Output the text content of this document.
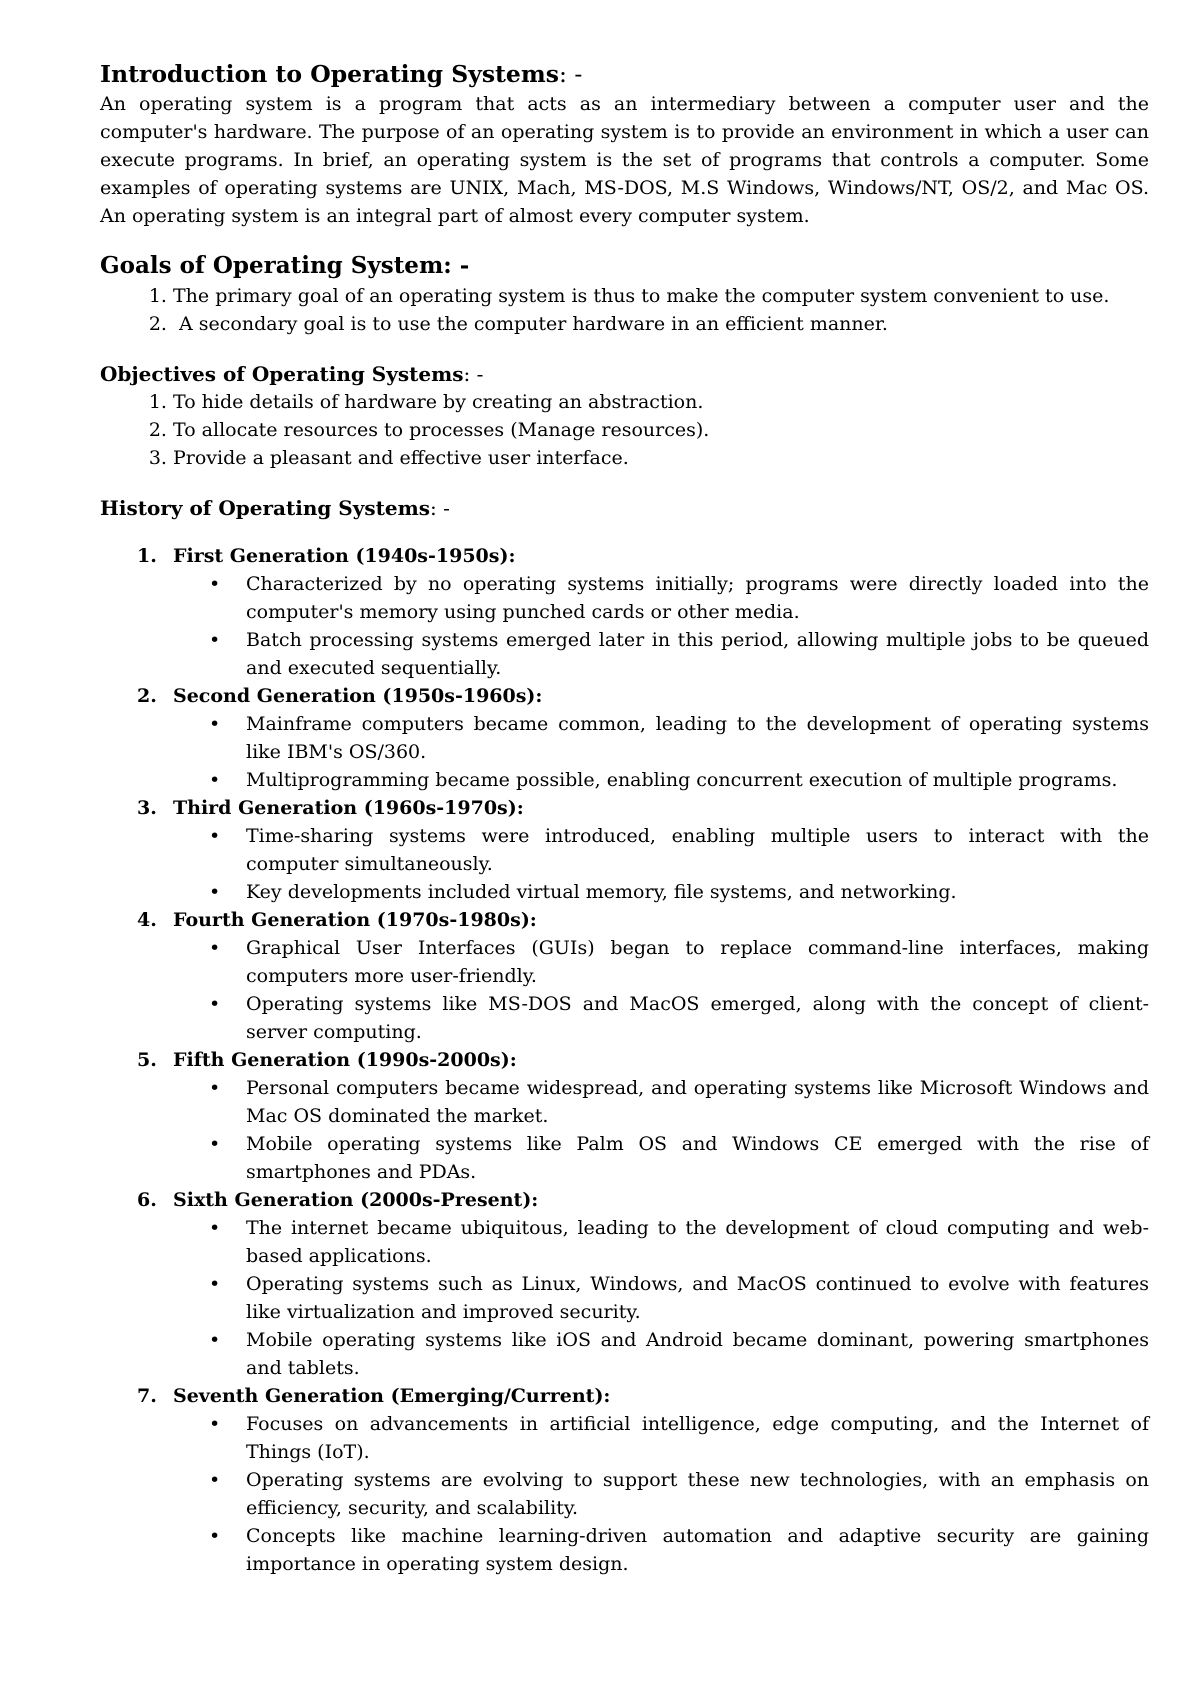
Introduction to Operating Systems: -

An operating system is a program that acts as an intermediary between a computer user and the computer's hardware. The purpose of an operating system is to provide an environment in which a user can execute programs. In brief, an operating system is the set of programs that controls a computer. Some examples of operating systems are UNIX, Mach, MS-DOS, M.S Windows, Windows/NT, OS/2, and Mac OS. An operating system is an integral part of almost every computer system.

Goals of Operating System: -
1. The primary goal of an operating system is thus to make the computer system convenient to use.
2.  A secondary goal is to use the computer hardware in an efficient manner.
Objectives of Operating Systems: -
1. To hide details of hardware by creating an abstraction.
2. To allocate resources to processes (Manage resources).
3. Provide a pleasant and effective user interface.
History of Operating Systems: -
1. First Generation (1940s-1950s):
• Characterized by no operating systems initially; programs were directly loaded into the computer's memory using punched cards or other media.
• Batch processing systems emerged later in this period, allowing multiple jobs to be queued and executed sequentially.
2. Second Generation (1950s-1960s):
• Mainframe computers became common, leading to the development of operating systems like IBM's OS/360.
• Multiprogramming became possible, enabling concurrent execution of multiple programs.
3. Third Generation (1960s-1970s):
• Time-sharing systems were introduced, enabling multiple users to interact with the computer simultaneously.
• Key developments included virtual memory, file systems, and networking.
4. Fourth Generation (1970s-1980s):
• Graphical User Interfaces (GUIs) began to replace command-line interfaces, making computers more user-friendly.
• Operating systems like MS-DOS and MacOS emerged, along with the concept of client-server computing.
5. Fifth Generation (1990s-2000s):
• Personal computers became widespread, and operating systems like Microsoft Windows and Mac OS dominated the market.
• Mobile operating systems like Palm OS and Windows CE emerged with the rise of smartphones and PDAs.
6. Sixth Generation (2000s-Present):
• The internet became ubiquitous, leading to the development of cloud computing and web-based applications.
• Operating systems such as Linux, Windows, and MacOS continued to evolve with features like virtualization and improved security.
• Mobile operating systems like iOS and Android became dominant, powering smartphones and tablets.
7. Seventh Generation (Emerging/Current):
• Focuses on advancements in artificial intelligence, edge computing, and the Internet of Things (IoT).
• Operating systems are evolving to support these new technologies, with an emphasis on efficiency, security, and scalability.
• Concepts like machine learning-driven automation and adaptive security are gaining importance in operating system design.
